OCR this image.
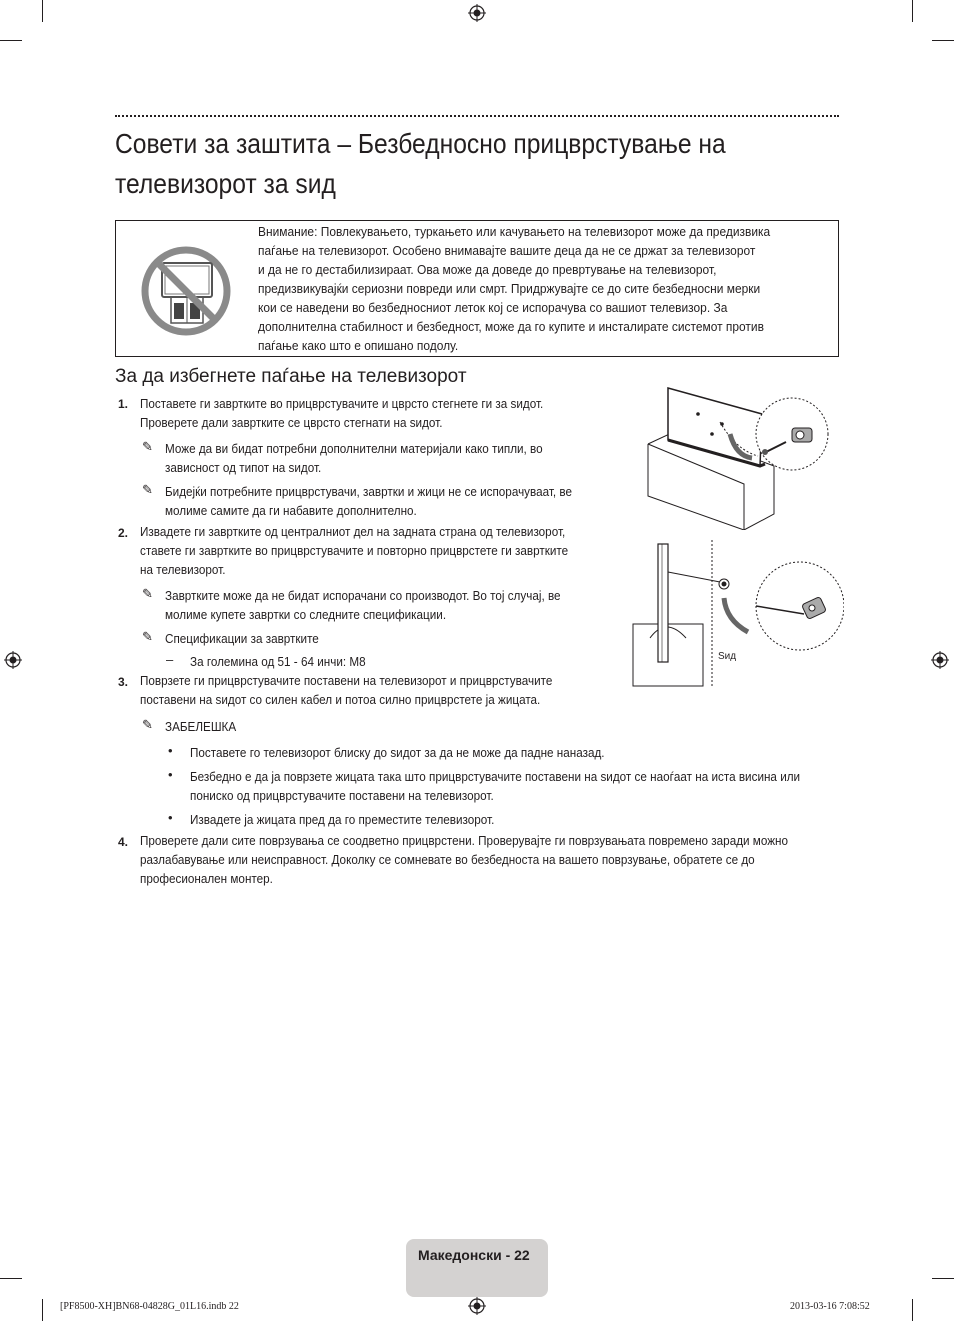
Совети за заштита – Безбедносно прицврстување на
телевизорот за ѕид
Внимание: Повлекувањето, туркањето или качувањето на телевизорот може да предизвика
паѓање на телевизорот. Особено внимавајте вашите деца да не се држат за телевизорот
и да не го дестабилизираат. Ова може да доведе до превртување на телевизорот,
предизвикувајќи сериозни повреди или смрт. Придржувајте се до сите безбедносни мерки
кои се наведени во безбедносниот леток кој се испорачува со вашиот телевизор. За
дополнителна стабилност и безбедност, може да го купите и инсталирате системот против
паѓање како што е опишано подолу.
За да избегнете паѓање на телевизорот
1. Поставете ги завртките во прицврстувачите и цврсто стегнете ги за ѕидот.
Проверете дали завртките се цврсто стегнати на ѕидот.
✎ Може да ви бидат потребни дополнителни материјали како типли, во
зависност од типот на ѕидот.
✎ Бидејќи потребните прицврстувачи, завртки и жици не се испорачуваат, ве
молиме самите да ги набавите дополнително.
2. Извадете ги завртките од централниот дел на задната страна од телевизорот,
ставете ги завртките во прицврстувачите и повторно прицврстете ги завртките
на телевизорот.
✎ Завртките може да не бидат испорачани со производот. Во тој случај, ве
молиме купете завртки со следните спецификации.
✎ Спецификации за завртките
– За големина од 51 - 64 инчи: M8
3. Поврзете ги прицврстувачите поставени на телевизорот и прицврстувачите
поставени на ѕидот со силен кабел и потоа силно прицврстете ја жицата.
✎ ЗАБЕЛЕШКА
• Поставете го телевизорот блиску до ѕидот за да не може да падне наназад.
• Безбедно е да ја поврзете жицата така што прицврстувачите поставени на ѕидот се наоѓаат на иста висина или
пониско од прицврстувачите поставени на телевизорот.
• Извадете ја жицата пред да го преместите телевизорот.
4. Проверете дали сите поврзувања се соодветно прицврстени. Проверувајте ги поврзувањата повремено заради можно
разлабавување или неисправност. Доколку се сомневате во безбедноста на вашето поврзување, обратете се до
професионален монтер.
Ѕид
Македонски - 22
[PF8500-XH]BN68-04828G_01L16.indb 22	2013-03-16 ​7:08:52
